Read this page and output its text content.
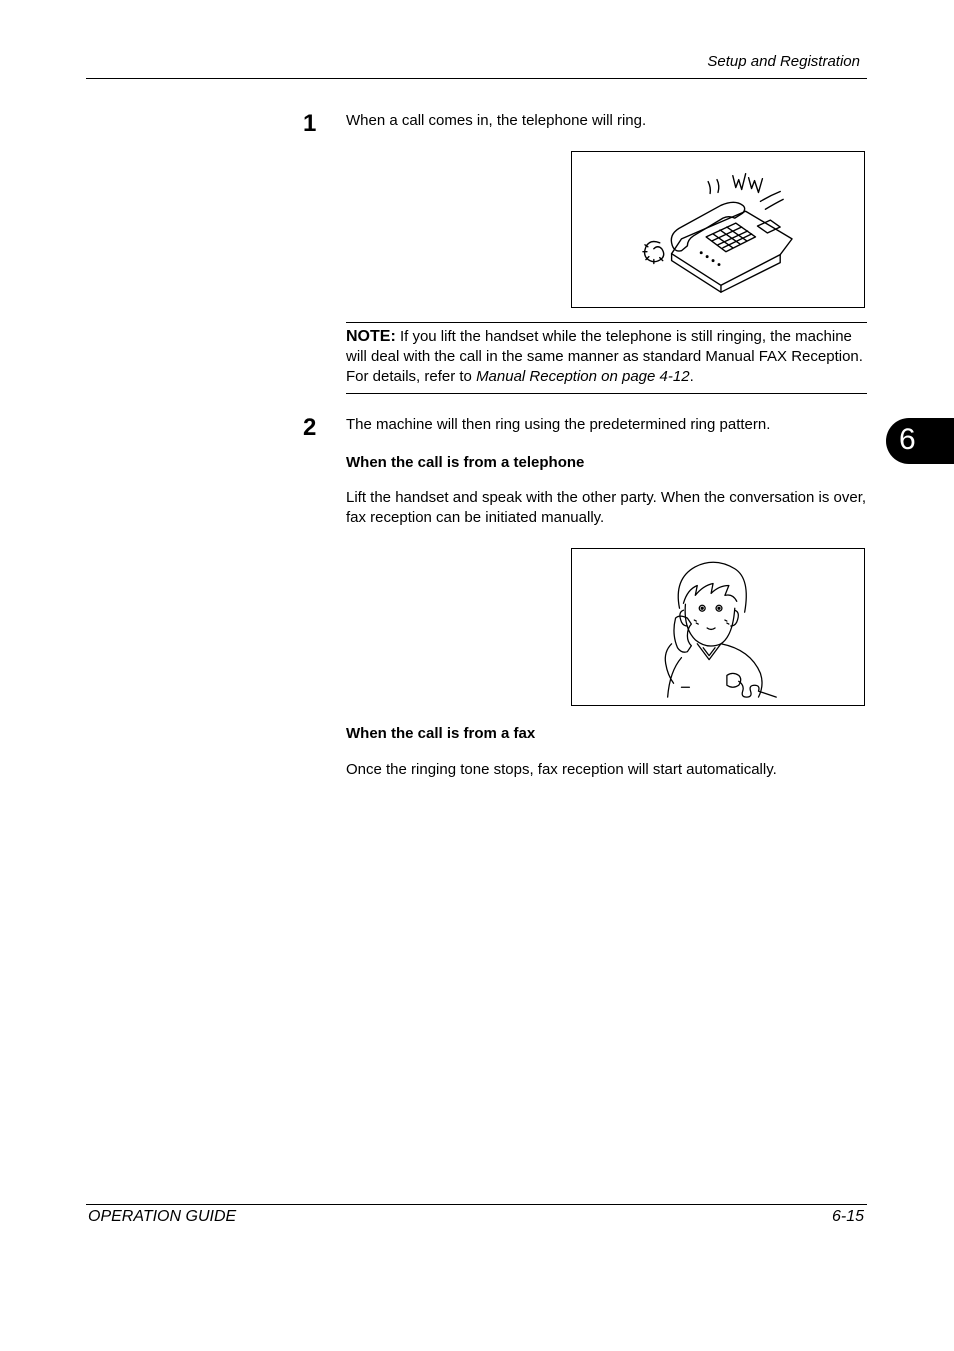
Setup and Registration
6
1 When a call comes in, the telephone will ring.
NOTE: If you lift the handset while the telephone is still ringing, the machine will deal with the call in the same manner as standard Manual FAX Reception. For details, refer to Manual Reception on page 4-12.
2 The machine will then ring using the predetermined ring pattern.
When the call is from a telephone
Lift the handset and speak with the other party. When the conversation is over, fax reception can be initiated manually.
When the call is from a fax
Once the ringing tone stops, fax reception will start automatically.
OPERATION GUIDE	6-15
